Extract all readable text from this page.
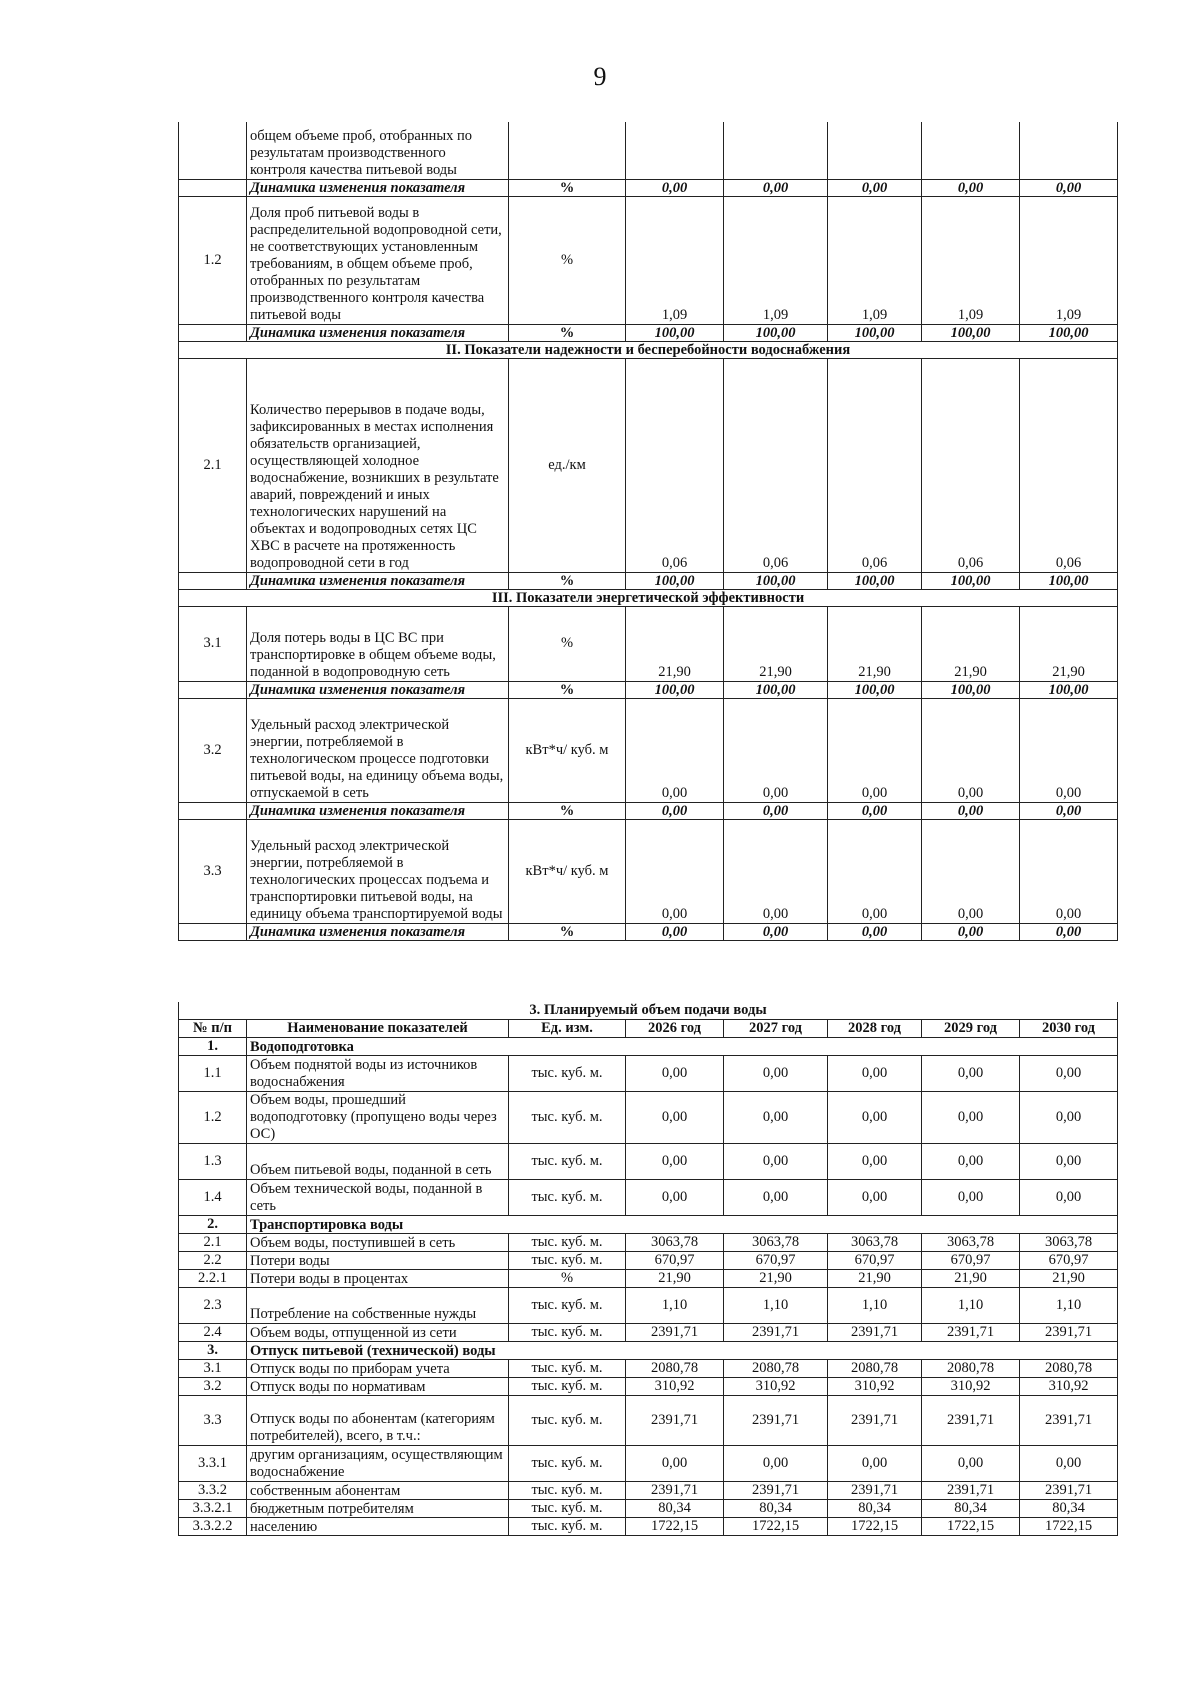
9
	общем объеме проб, отобранных по результатам производственного контроля качества питьевой воды						
	Динамика изменения показателя	%	0,00	0,00	0,00	0,00	0,00
1.2	Доля проб питьевой воды в распределительной водопроводной сети, не соответствующих установленным требованиям, в общем объеме проб, отобранных по результатам производственного контроля качества питьевой воды	%	1,09	1,09	1,09	1,09	1,09
	Динамика изменения показателя	%	100,00	100,00	100,00	100,00	100,00
II. Показатели надежности и бесперебойности водоснабжения							
2.1	Количество перерывов в подаче воды, зафиксированных в местах исполнения обязательств организацией, осуществляющей холодное водоснабжение, возникших в результате аварий, повреждений и иных технологических нарушений на объектах и водопроводных сетях ЦС ХВС в расчете на протяженность водопроводной сети в год	ед./км	0,06	0,06	0,06	0,06	0,06
	Динамика изменения показателя	%	100,00	100,00	100,00	100,00	100,00
III. Показатели энергетической эффективности							
3.1	Доля потерь воды в ЦС ВС при транспортировке в общем объеме воды, поданной в водопроводную сеть	%	21,90	21,90	21,90	21,90	21,90
	Динамика изменения показателя	%	100,00	100,00	100,00	100,00	100,00
3.2	Удельный расход электрической энергии, потребляемой в технологическом процессе подготовки питьевой воды, на единицу объема воды, отпускаемой в сеть	кВт*ч/ куб. м	0,00	0,00	0,00	0,00	0,00
	Динамика изменения показателя	%	0,00	0,00	0,00	0,00	0,00
3.3	Удельный расход электрической энергии, потребляемой в технологических процессах подъема и транспортировки питьевой воды, на единицу объема транспортируемой воды	кВт*ч/ куб. м	0,00	0,00	0,00	0,00	0,00
	Динамика изменения показателя	%	0,00	0,00	0,00	0,00	0,00
3. Планируемый объем подачи воды							
№ п/п	Наименование показателей	Ед. изм.	2026 год	2027 год	2028 год	2029 год	2030 год
1.	Водоподготовка						
1.1	Объем поднятой воды из источников водоснабжения	тыс. куб. м.	0,00	0,00	0,00	0,00	0,00
1.2	Объем воды, прошедший водоподготовку (пропущено воды через ОС)	тыс. куб. м.	0,00	0,00	0,00	0,00	0,00
1.3	Объем питьевой воды, поданной в сеть	тыс. куб. м.	0,00	0,00	0,00	0,00	0,00
1.4	Объем технической воды, поданной в сеть	тыс. куб. м.	0,00	0,00	0,00	0,00	0,00
2.	Транспортировка воды						
2.1	Объем воды, поступившей в сеть	тыс. куб. м.	3063,78	3063,78	3063,78	3063,78	3063,78
2.2	Потери воды	тыс. куб. м.	670,97	670,97	670,97	670,97	670,97
2.2.1	Потери воды в процентах	%	21,90	21,90	21,90	21,90	21,90
2.3	Потребление на собственные нужды	тыс. куб. м.	1,10	1,10	1,10	1,10	1,10
2.4	Объем воды, отпущенной из сети	тыс. куб. м.	2391,71	2391,71	2391,71	2391,71	2391,71
3.	Отпуск питьевой (технической) воды						
3.1	Отпуск воды по приборам учета	тыс. куб. м.	2080,78	2080,78	2080,78	2080,78	2080,78
3.2	Отпуск воды по нормативам	тыс. куб. м.	310,92	310,92	310,92	310,92	310,92
3.3	Отпуск воды по абонентам (категориям потребителей), всего, в т.ч.:	тыс. куб. м.	2391,71	2391,71	2391,71	2391,71	2391,71
3.3.1	другим организациям, осуществляющим водоснабжение	тыс. куб. м.	0,00	0,00	0,00	0,00	0,00
3.3.2	собственным абонентам	тыс. куб. м.	2391,71	2391,71	2391,71	2391,71	2391,71
3.3.2.1	бюджетным потребителям	тыс. куб. м.	80,34	80,34	80,34	80,34	80,34
3.3.2.2	населению	тыс. куб. м.	1722,15	1722,15	1722,15	1722,15	1722,15
